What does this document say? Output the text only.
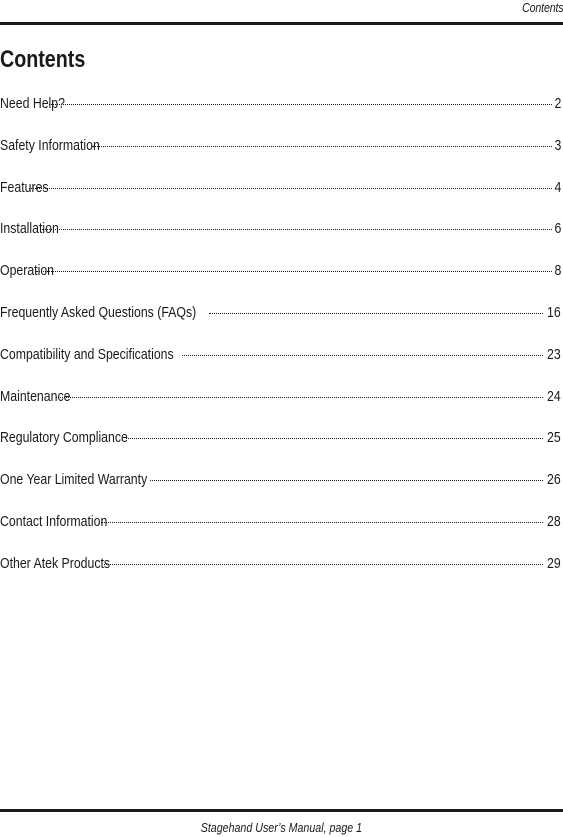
Contents
Contents
Need Help?	2
Safety Information	3
Features	4
Installation	6
Operation	8
Frequently Asked Questions (FAQs)	16
Compatibility and Specifications	23
Maintenance	24
Regulatory Compliance	25
One Year Limited Warranty	26
Contact Information	28
Other Atek Products	29
Stagehand User’s Manual, page 1
